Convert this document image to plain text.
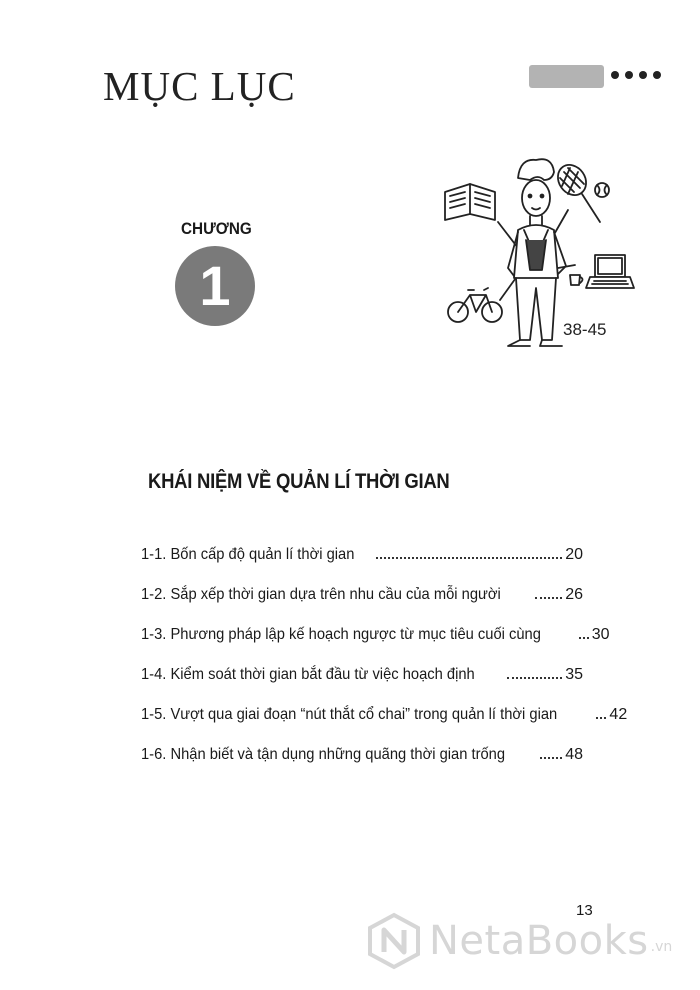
MỤC LỤC
CHƯƠNG
1
38-45
KHÁI NIỆM VỀ QUẢN LÍ THỜI GIAN
1-1. Bốn cấp độ quản lí thời gian	20
1-2. Sắp xếp thời gian dựa trên nhu cầu của mỗi người	26
1-3. Phương pháp lập kế hoạch ngược từ mục tiêu cuối cùng	30
1-4. Kiểm soát thời gian bắt đầu từ việc hoạch định	35
1-5. Vượt qua giai đoạn “nút thắt cổ chai” trong quản lí thời gian	42
1-6. Nhận biết và tận dụng những quãng thời gian trống	48
13
NetaBooks .vn
